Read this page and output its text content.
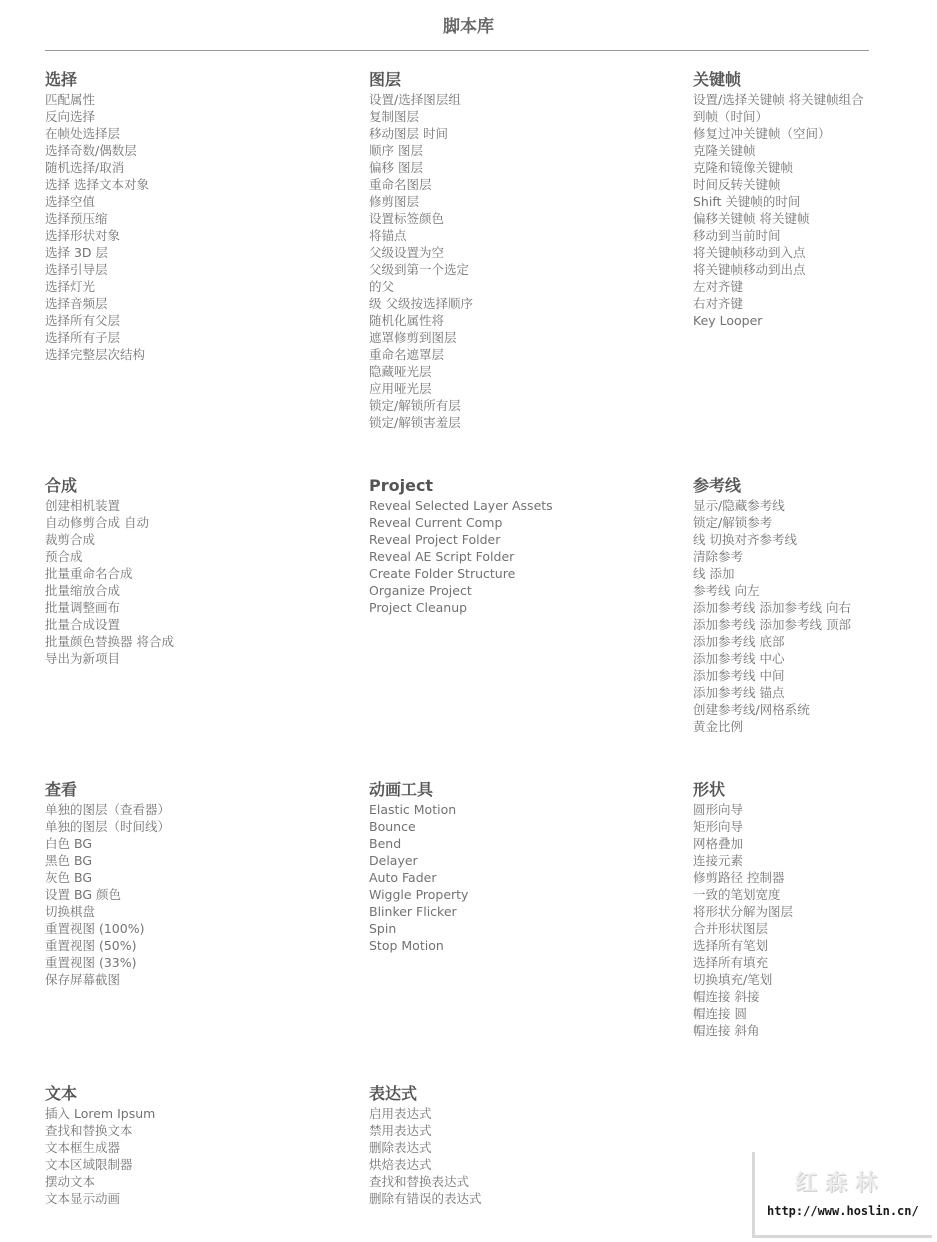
脚本库
选择
匹配属性
反向选择
在帧处选择层
选择奇数/偶数层
随机选择/取消
选择 选择文本对象
选择空值
选择预压缩
选择形状对象
选择 3D 层
选择引导层
选择灯光
选择音频层
选择所有父层
选择所有子层
选择完整层次结构
图层
设置/选择图层组
复制图层
移动图层 时间
顺序 图层
偏移 图层
重命名图层
修剪图层
设置标签颜色
将锚点
父级设置为空
父级到第一个选定
的父
级 父级按选择顺序
随机化属性将
遮罩修剪到图层
重命名遮罩层
隐藏哑光层
应用哑光层
锁定/解锁所有层
锁定/解锁害羞层
关键帧
设置/选择关键帧 将关键帧组合
到帧（时间）
修复过冲关键帧（空间）
克隆关键帧
克隆和镜像关键帧
时间反转关键帧
Shift 关键帧的时间
偏移关键帧 将关键帧
移动到当前时间
将关键帧移动到入点
将关键帧移动到出点
左对齐键
右对齐键
Key Looper
合成
创建相机装置
自动修剪合成 自动
裁剪合成
预合成
批量重命名合成
批量缩放合成
批量调整画布
批量合成设置
批量颜色替换器 将合成
导出为新项目
Project
Reveal Selected Layer Assets
Reveal Current Comp
Reveal Project Folder
Reveal AE Script Folder
Create Folder Structure
Organize Project
Project Cleanup
参考线
显示/隐藏参考线
锁定/解锁参考
线 切换对齐参考线
清除参考
线 添加
参考线 向左
添加参考线 添加参考线 向右
添加参考线 添加参考线 顶部
添加参考线 底部
添加参考线 中心
添加参考线 中间
添加参考线 锚点
创建参考线/网格系统
黄金比例
查看
单独的图层（查看器）
单独的图层（时间线）
白色 BG
黑色 BG
灰色 BG
设置 BG 颜色
切换棋盘
重置视图 (100%)
重置视图 (50%)
重置视图 (33%)
保存屏幕截图
动画工具
Elastic Motion
Bounce
Bend
Delayer
Auto Fader
Wiggle Property
Blinker Flicker
Spin
Stop Motion
形状
圆形向导
矩形向导
网格叠加
连接元素
修剪路径 控制器
一致的笔划宽度
将形状分解为图层
合并形状图层
选择所有笔划
选择所有填充
切换填充/笔划
帽连接 斜接
帽连接 圆
帽连接 斜角
文本
插入 Lorem Ipsum
查找和替换文本
文本框生成器
文本区域限制器
摆动文本
文本显示动画
表达式
启用表达式
禁用表达式
删除表达式
烘焙表达式
查找和替换表达式
删除有错误的表达式
红森林
http://www.hoslin.cn/
